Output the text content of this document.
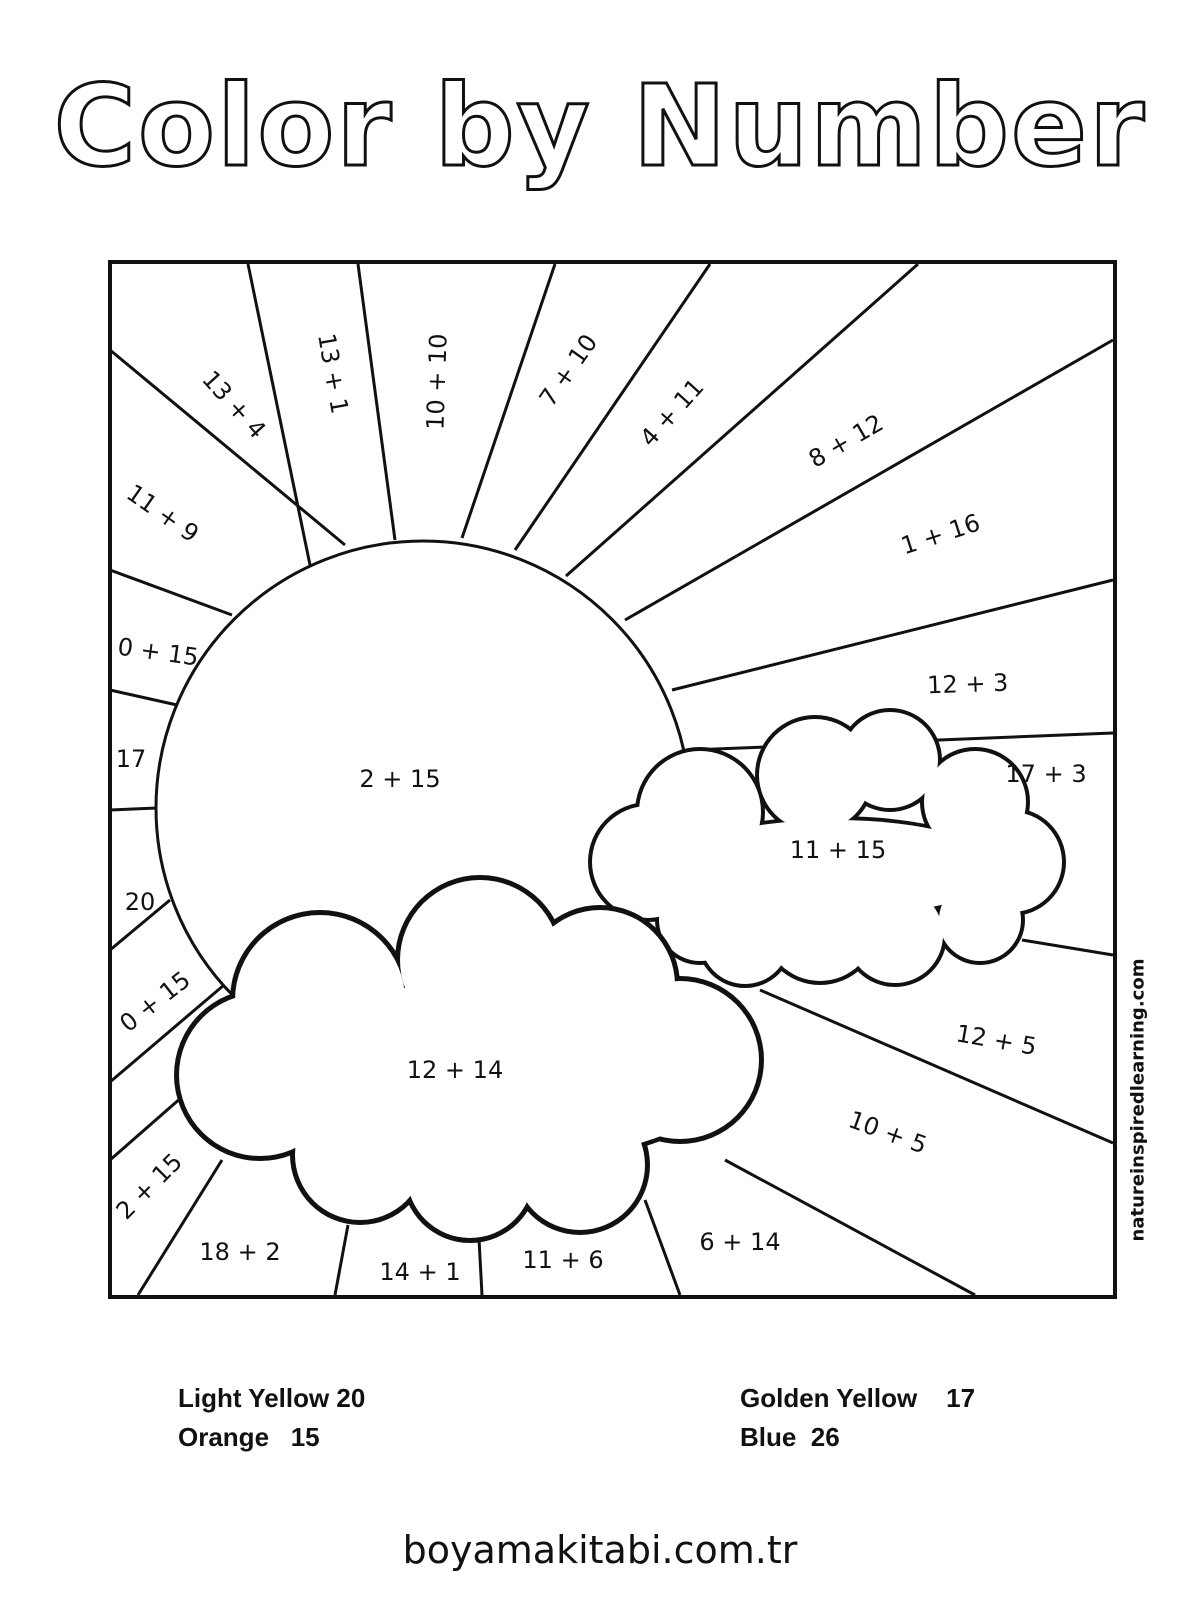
Color by Number
2 + 15
12 + 14
11 + 15
13 + 4 13 + 1	10 + 10	7 + 10
4 + 11	8 + 12
1 + 16
12 + 3
17 + 3
12 + 5
10 + 5
6 + 14
11 + 6
14 + 1
18 + 2
2 + 15
0 + 15
20
17
0 + 15
11 + 9
natureinspiredlearning.com

Light Yellow 20	Golden Yellow    17

Orange   15	Blue  26

boyamakitabi.com.tr
